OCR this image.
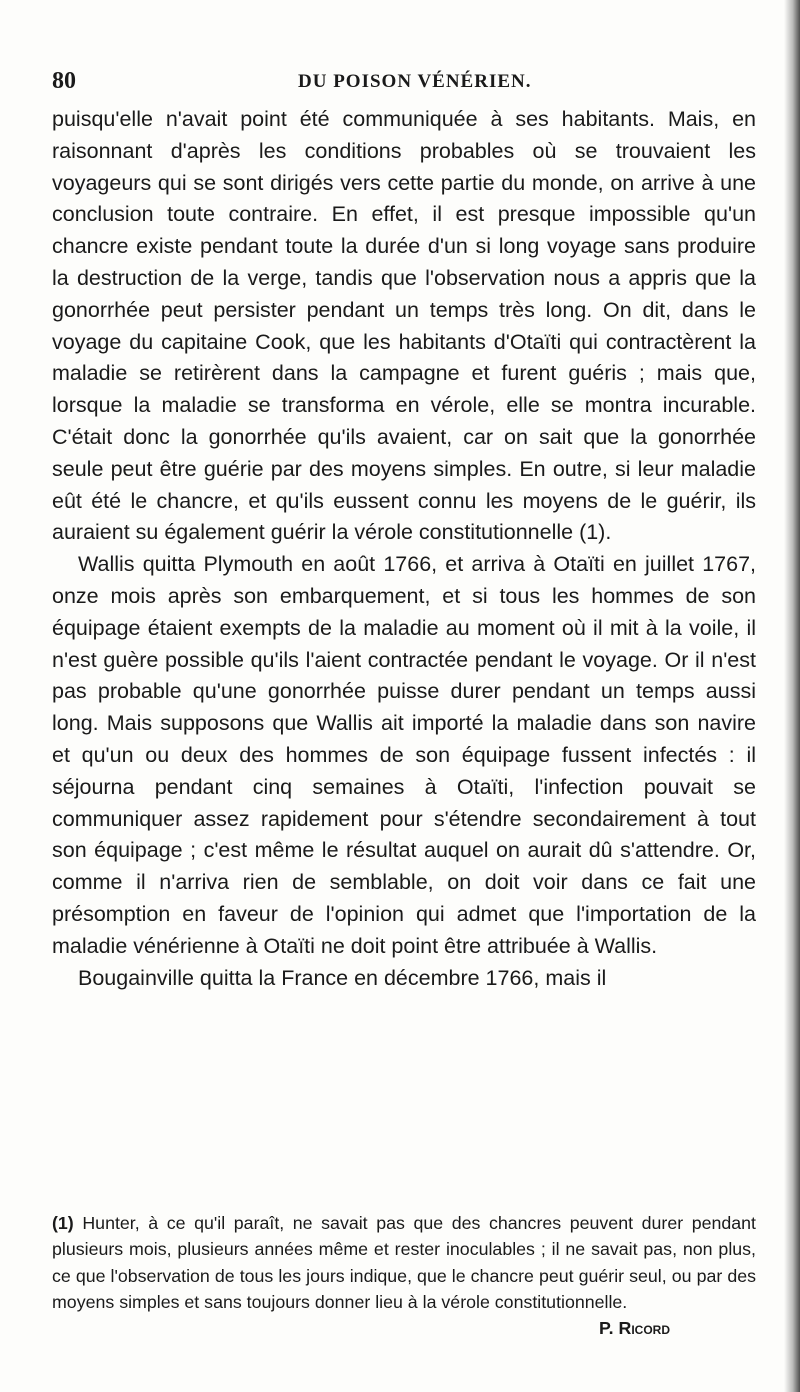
80	DU POISON VÉNÉRIEN.

puisqu'elle n'avait point été communiquée à ses habitants. Mais, en raisonnant d'après les conditions probables où se trouvaient les voyageurs qui se sont dirigés vers cette partie du monde, on arrive à une conclusion toute contraire. En effet, il est presque impossible qu'un chancre existe pendant toute la durée d'un si long voyage sans produire la destruction de la verge, tandis que l'observation nous a appris que la gonorrhée peut persister pendant un temps très long. On dit, dans le voyage du capitaine Cook, que les habitants d'Otaïti qui contractèrent la maladie se retirèrent dans la campagne et furent guéris ; mais que, lorsque la maladie se transforma en vérole, elle se montra incurable. C'était donc la gonorrhée qu'ils avaient, car on sait que la gonorrhée seule peut être guérie par des moyens simples. En outre, si leur maladie eût été le chancre, et qu'ils eussent connu les moyens de le guérir, ils auraient su également guérir la vérole constitutionnelle (1).

Wallis quitta Plymouth en août 1766, et arriva à Otaïti en juillet 1767, onze mois après son embarquement, et si tous les hommes de son équipage étaient exempts de la maladie au moment où il mit à la voile, il n'est guère possible qu'ils l'aient contractée pendant le voyage. Or il n'est pas probable qu'une gonorrhée puisse durer pendant un temps aussi long. Mais supposons que Wallis ait importé la maladie dans son navire et qu'un ou deux des hommes de son équipage fussent infectés : il séjourna pendant cinq semaines à Otaïti, l'infection pouvait se communiquer assez rapidement pour s'étendre secondairement à tout son équipage ; c'est même le résultat auquel on aurait dû s'attendre. Or, comme il n'arriva rien de semblable, on doit voir dans ce fait une présomption en faveur de l'opinion qui admet que l'importation de la maladie vénérienne à Otaïti ne doit point être attribuée à Wallis.

Bougainville quitta la France en décembre 1766, mais il

(1) Hunter, à ce qu'il paraît, ne savait pas que des chancres peuvent durer pendant plusieurs mois, plusieurs années même et rester inoculables ; il ne savait pas, non plus, ce que l'observation de tous les jours indique, que le chancre peut guérir seul, ou par des moyens simples et sans toujours donner lieu à la vérole constitutionnelle.

P. Ricord
